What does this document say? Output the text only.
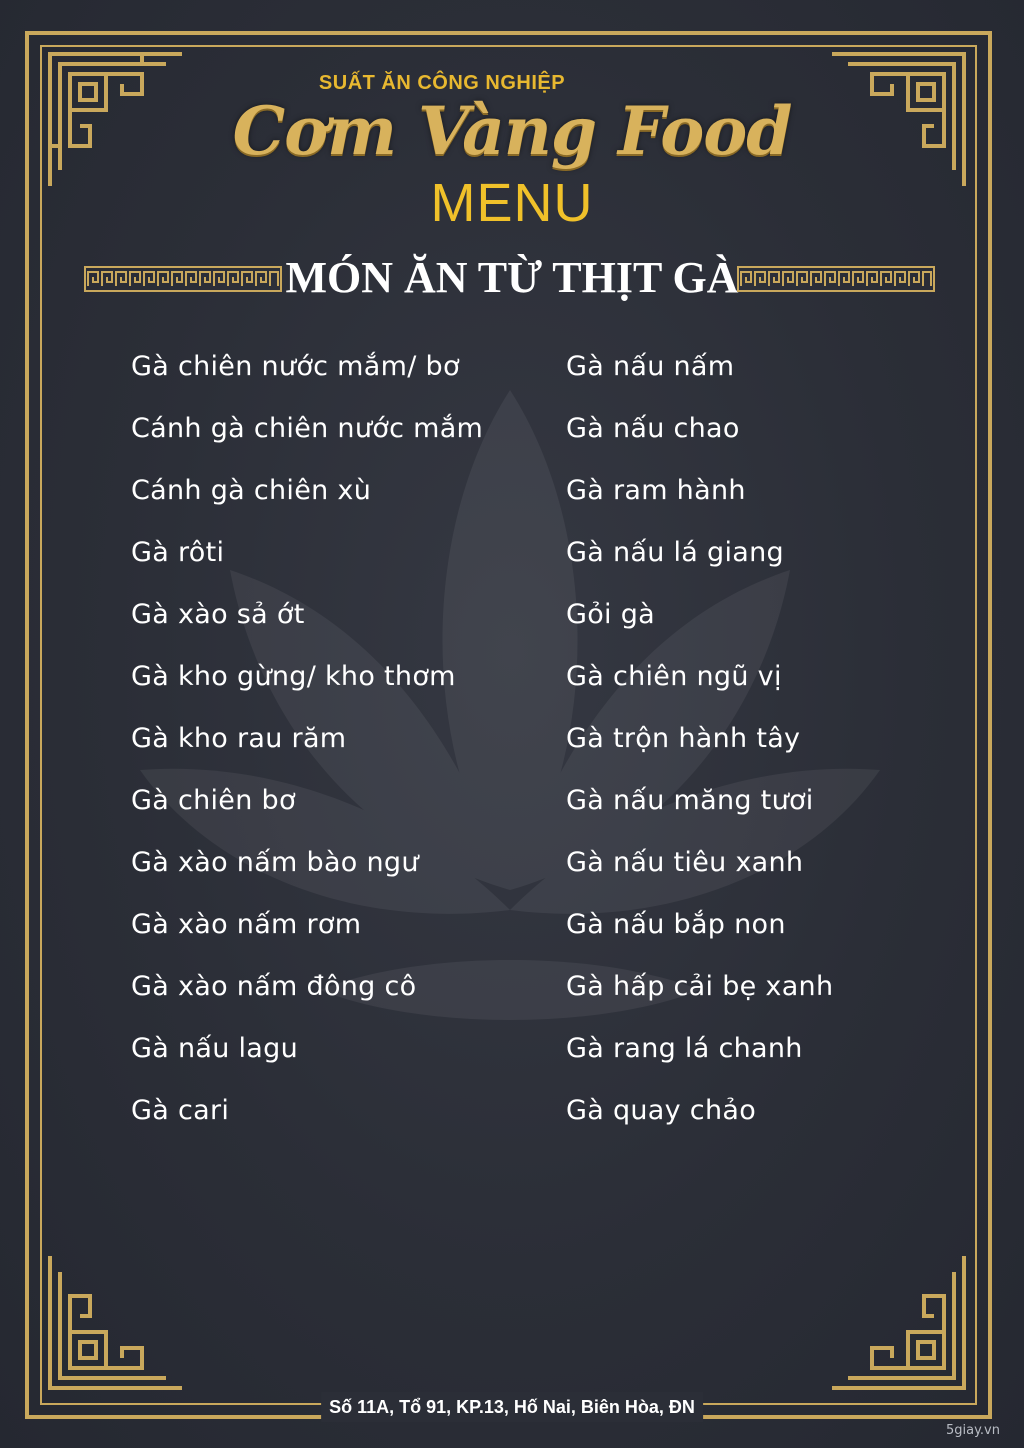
SUẤT ĂN CÔNG NGHIỆP
Cơm Vàng Food
MENU
MÓN ĂN TỪ THỊT GÀ
Gà chiên nước mắm/ bơ
Cánh gà chiên nước mắm
Cánh gà chiên xù
Gà rôti
Gà xào sả ớt
Gà kho gừng/ kho thơm
Gà kho rau răm
Gà chiên bơ
Gà xào nấm bào ngư
Gà xào nấm rơm
Gà xào nấm đông cô
Gà nấu lagu
Gà cari
Gà nấu nấm
Gà nấu chao
Gà ram hành
Gà nấu lá giang
Gỏi gà
Gà chiên ngũ vị
Gà trộn hành tây
Gà nấu măng tươi
Gà nấu tiêu xanh
Gà nấu bắp non
Gà hấp cải bẹ xanh
Gà rang lá chanh
Gà quay chảo
Số 11A, Tổ 91, KP.13, Hố Nai, Biên Hòa, ĐN
5giay.vn
